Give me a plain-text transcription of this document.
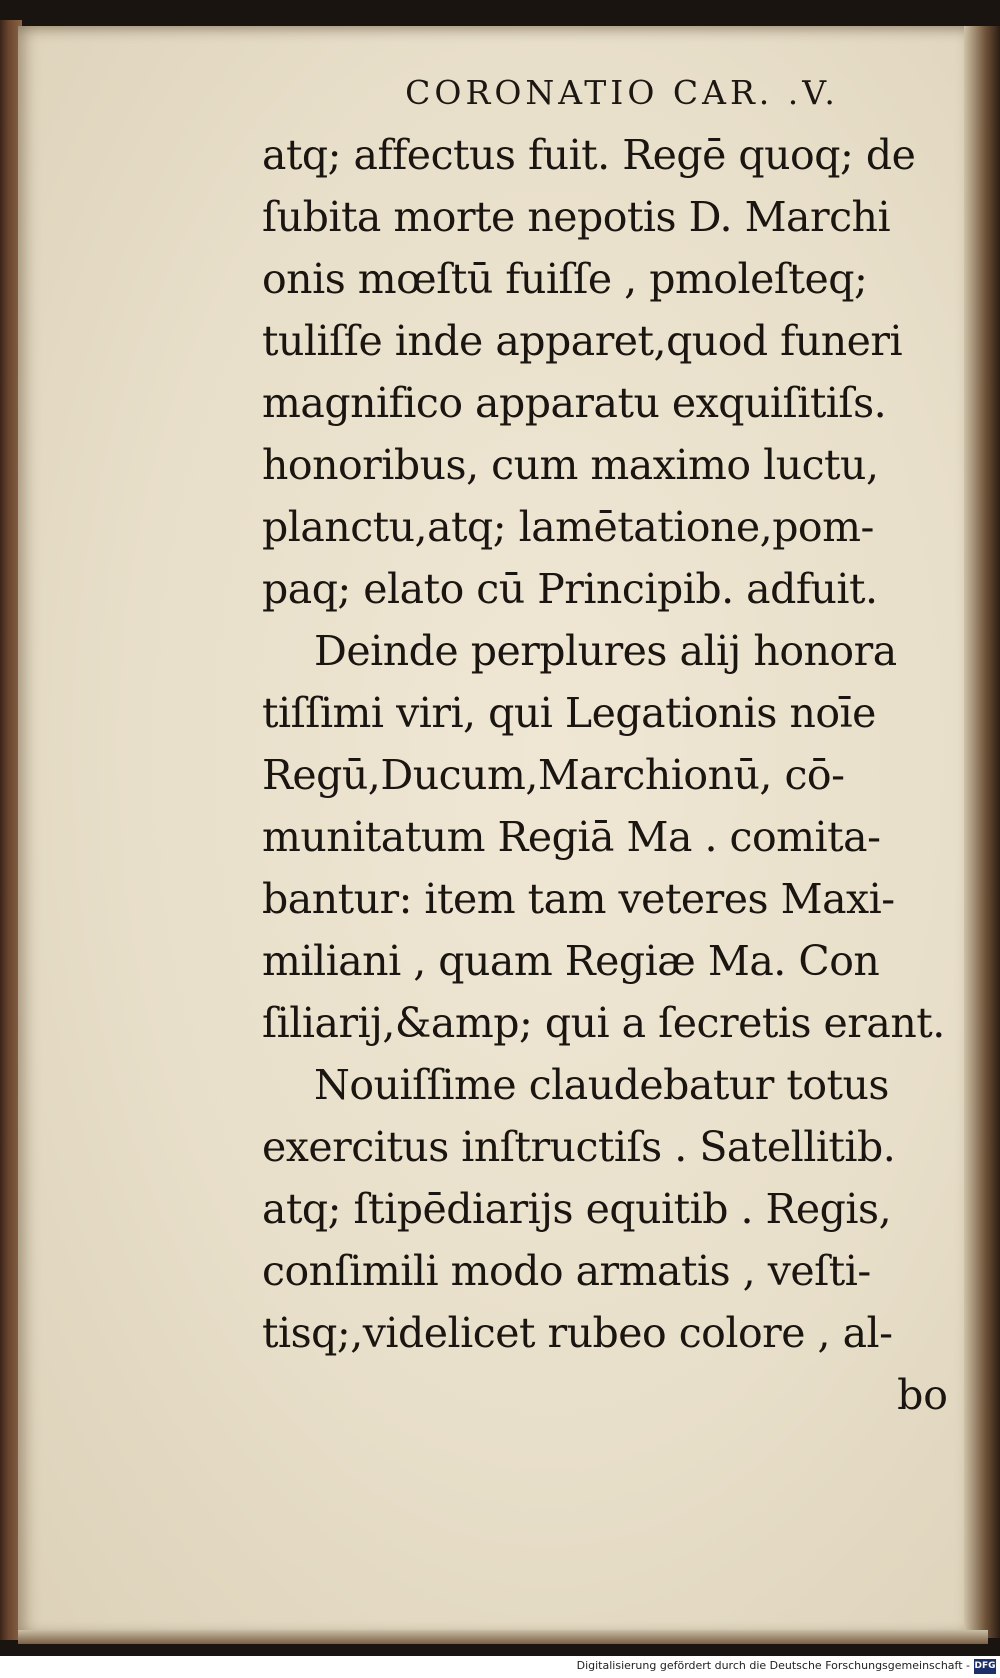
CORONATIO CAR. .V.
atq; affectus fuit. Regē quoq; de
ſubita morte nepotis D. Marchi
onis mœſtū fuiſſe , pmoleſteq;
tuliſſe inde apparet,quod funeri
magnifico apparatu exquiſitiſs.
honoribus, cum maximo luctu,
planctu,atq; lamētatione,pom-
paq; elato cū Principib. adfuit.
Deinde perplures alij honora
tiſſimi viri, qui Legationis noīe
Regū,Ducum,Marchionū, cō-
munitatum Regiā Ma . comita-
bantur: item tam veteres Maxi-
miliani , quam Regiæ Ma. Con
ſiliarij,&amp; qui a ſecretis erant.
Nouiſſime claudebatur totus
exercitus inſtructiſs . Satellitib.
atq; ſtipēdiarijs equitib . Regis,
conſimili modo armatis , veſti-
tisq;,videlicet rubeo colore , al-
bo
Digitalisierung gefördert durch die Deutsche Forschungsgemeinschaft - DFG
